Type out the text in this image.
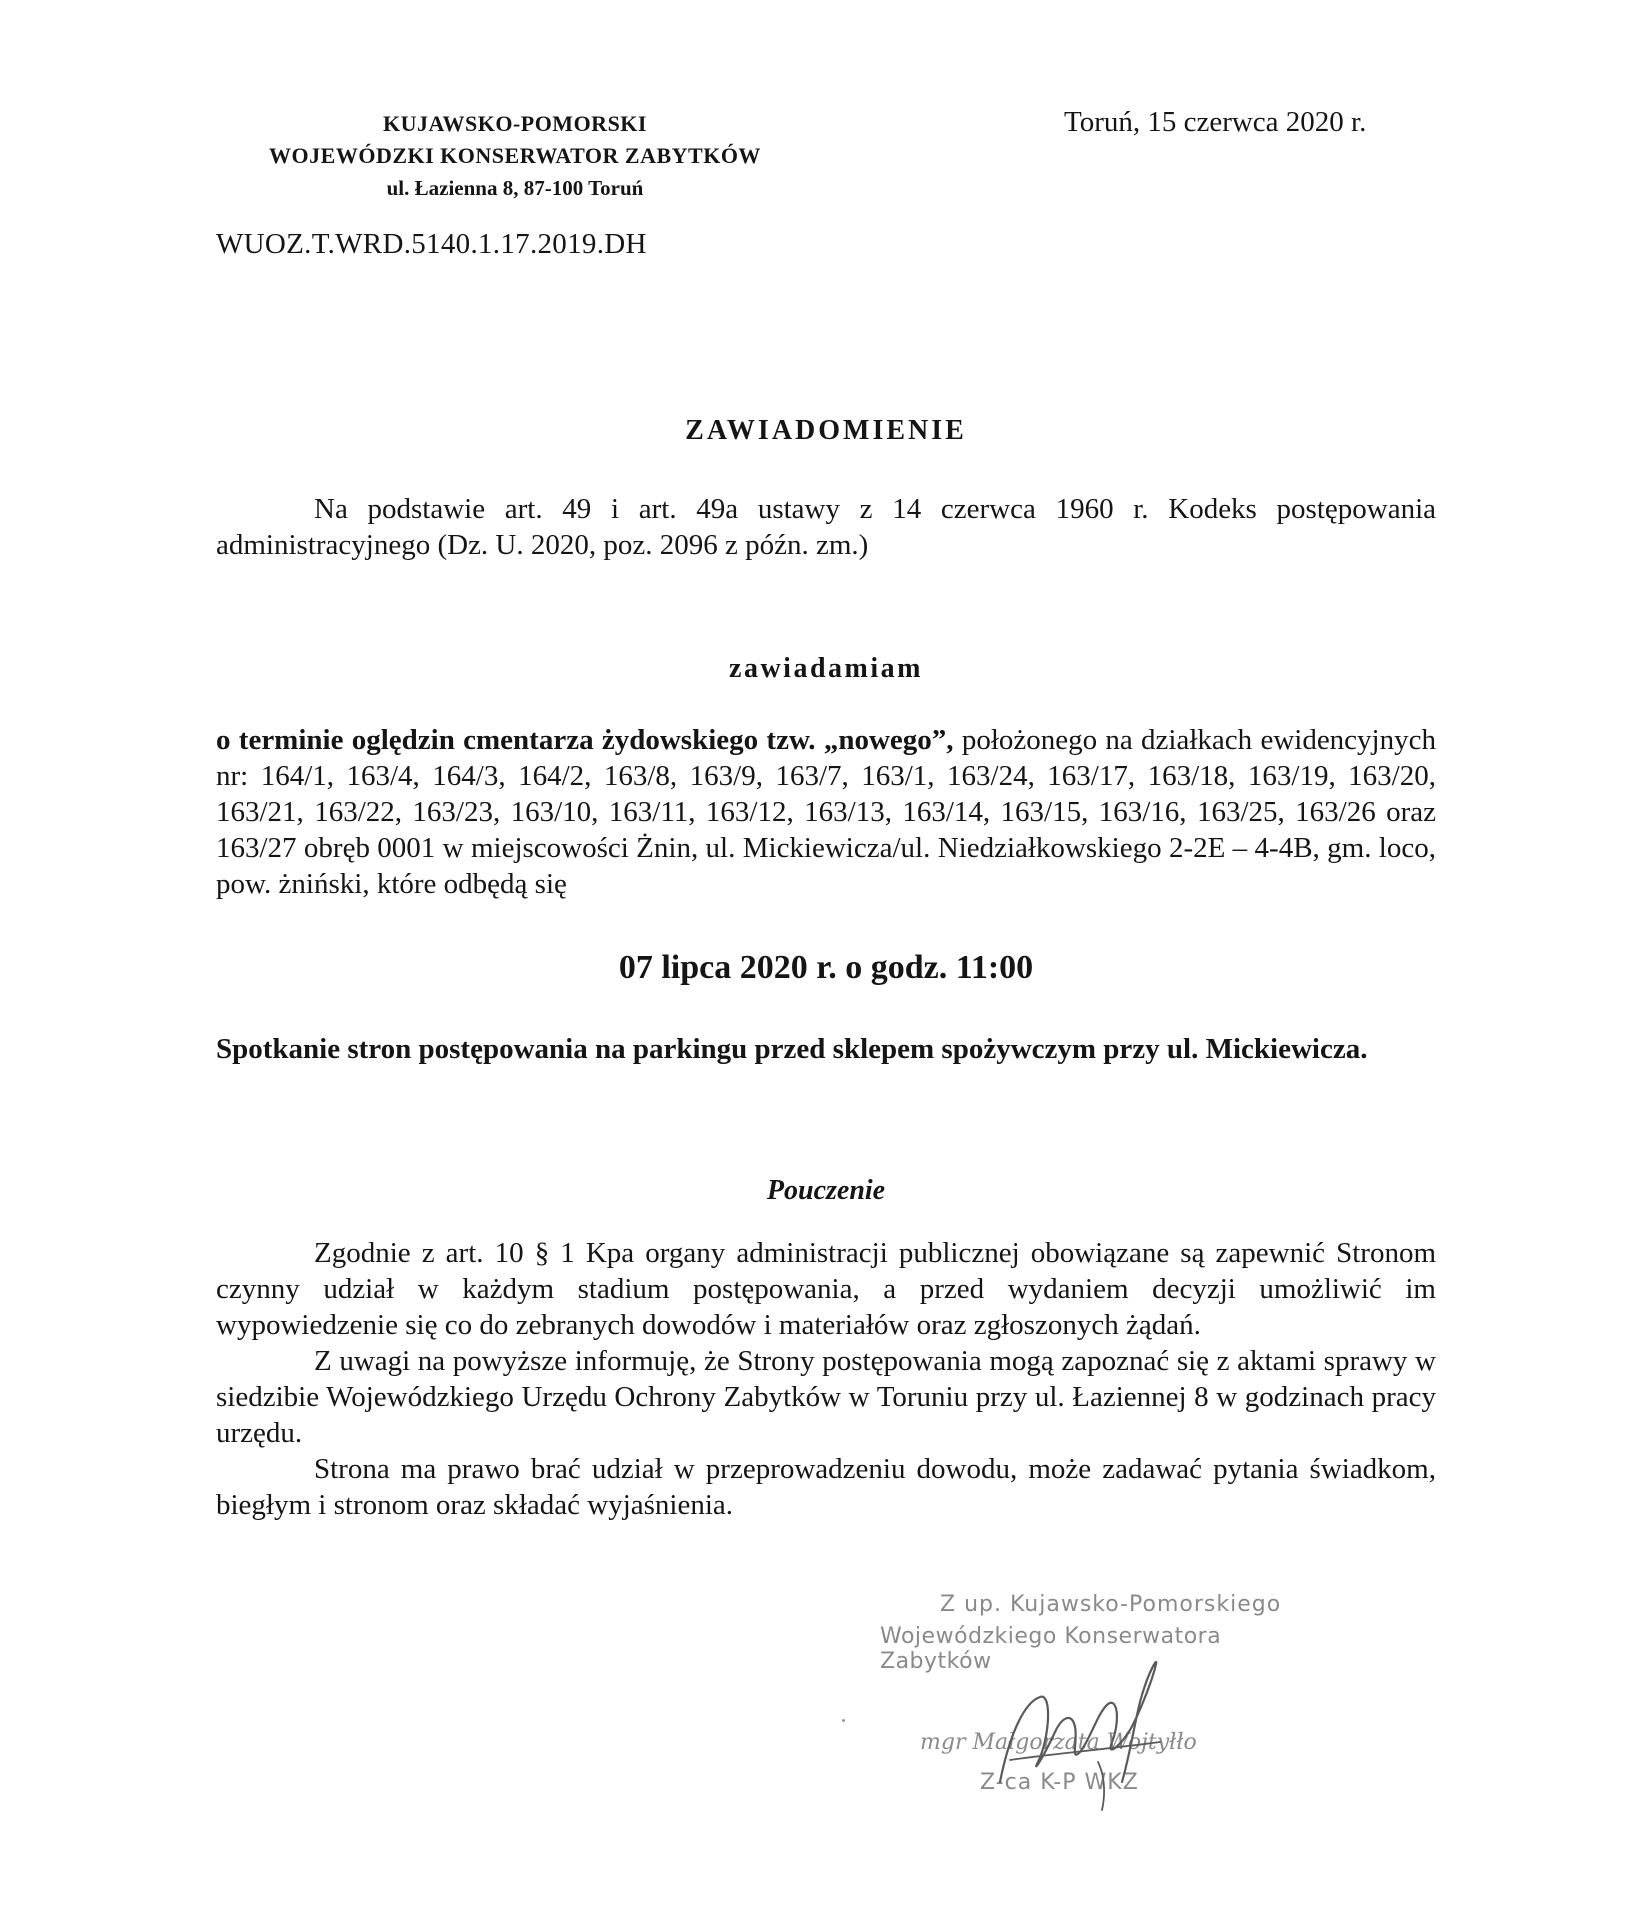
KUJAWSKO-POMORSKI
WOJEWÓDZKI KONSERWATOR ZABYTKÓW
ul. Łazienna 8, 87-100 Toruń
Toruń, 15 czerwca 2020 r.
WUOZ.T.WRD.5140.1.17.2019.DH
ZAWIADOMIENIE
Na podstawie art. 49 i art. 49a ustawy z 14 czerwca 1960 r. Kodeks postępowania administracyjnego (Dz. U. 2020, poz. 2096 z późn. zm.)
zawiadamiam
o terminie oględzin cmentarza żydowskiego tzw. „nowego”, położonego na działkach ewidencyjnych nr: 164/1, 163/4, 164/3, 164/2, 163/8, 163/9, 163/7, 163/1, 163/24, 163/17, 163/18, 163/19, 163/20, 163/21, 163/22, 163/23, 163/10, 163/11, 163/12, 163/13, 163/14, 163/15, 163/16, 163/25, 163/26 oraz 163/27 obręb 0001 w miejscowości Żnin, ul. Mickiewicza/ul. Niedziałkowskiego 2-2E – 4-4B, gm. loco, pow. żniński, które odbędą się
07 lipca 2020 r. o godz. 11:00
Spotkanie stron postępowania na parkingu przed sklepem spożywczym przy ul. Mickiewicza.
Pouczenie
Zgodnie z art. 10 § 1 Kpa organy administracji publicznej obowiązane są zapewnić Stronom czynny udział w każdym stadium postępowania, a przed wydaniem decyzji umożliwić im wypowiedzenie się co do zebranych dowodów i materiałów oraz zgłoszonych żądań.
Z uwagi na powyższe informuję, że Strony postępowania mogą zapoznać się z aktami sprawy w siedzibie Wojewódzkiego Urzędu Ochrony Zabytków w Toruniu przy ul. Łaziennej 8 w godzinach pracy urzędu.
Strona ma prawo brać udział w przeprowadzeniu dowodu, może zadawać pytania świadkom, biegłym i stronom oraz składać wyjaśnienia.
Z up. Kujawsko-Pomorskiego
Wojewódzkiego Konserwatora Zabytków
mgr Małgorzata Wojtyłło
Z-ca K-P WKZ
